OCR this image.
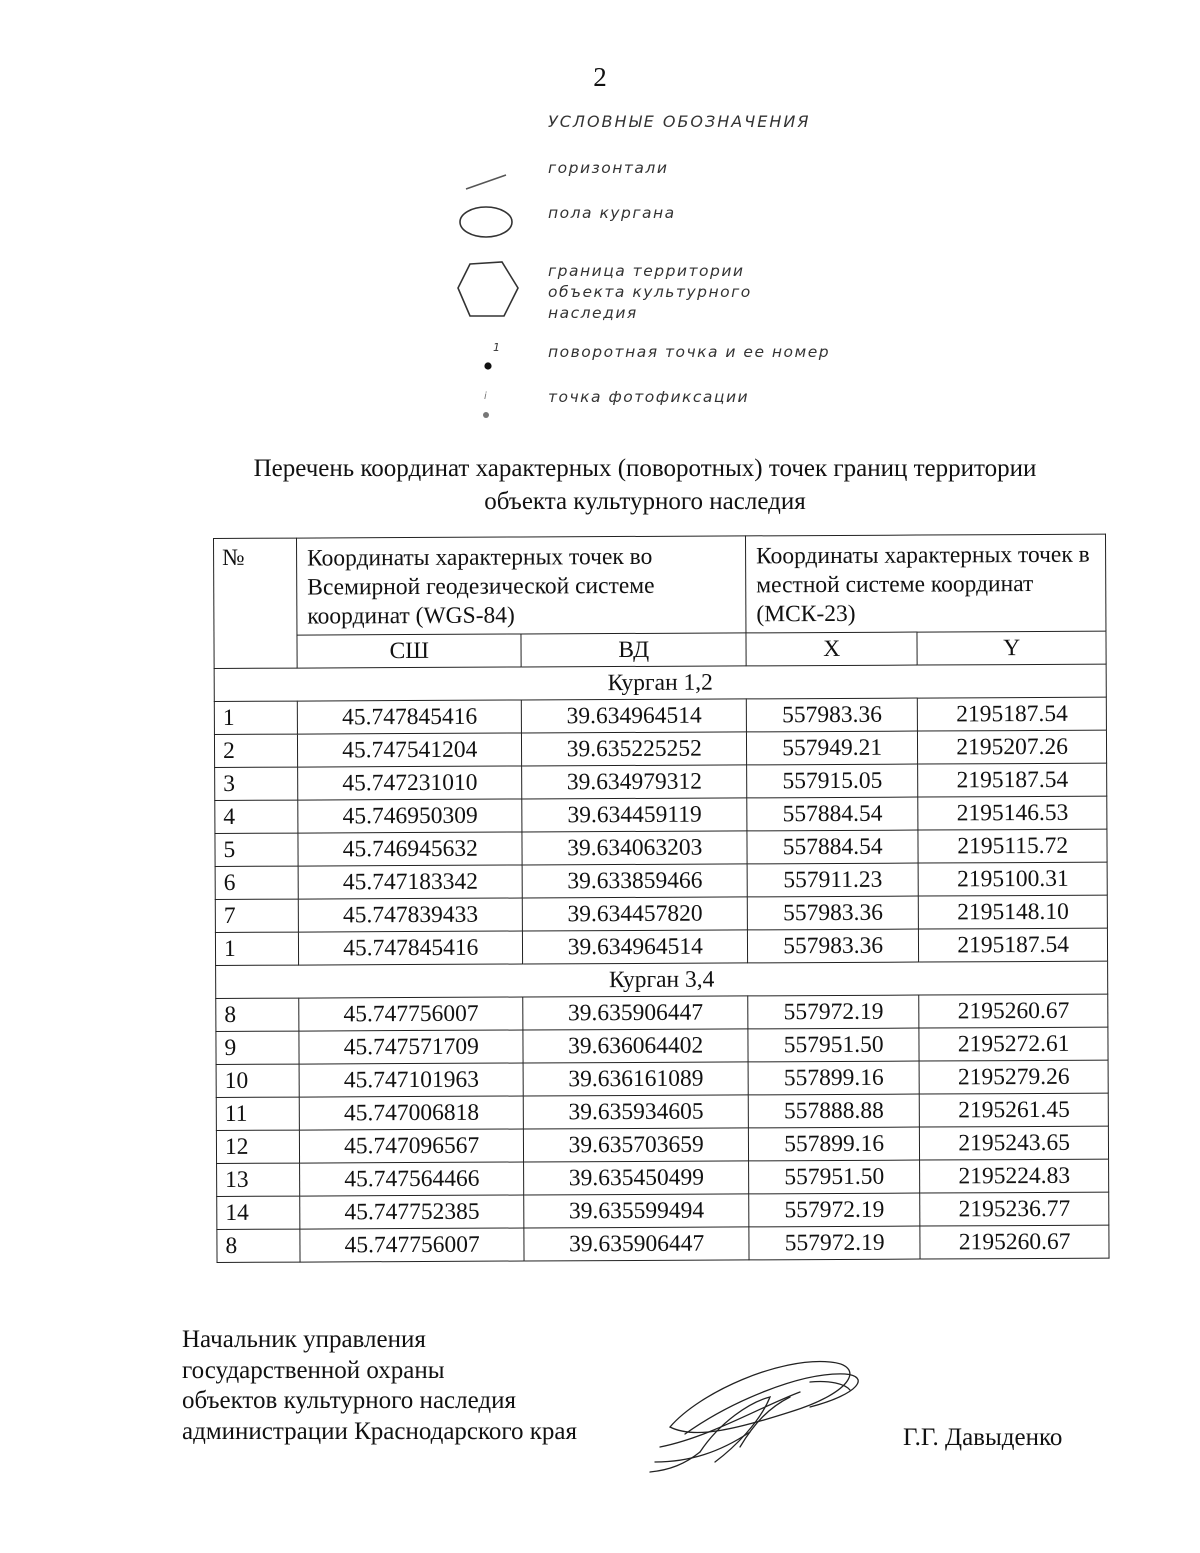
2
УСЛОВНЫЕ ОБОЗНАЧЕНИЯ
горизонтали
пола кургана
граница территории
объекта культурного
наследия
1	поворотная точка и ее номер
i	точка фотофиксации
Перечень координат характерных (поворотных) точек границ территории
объекта культурного наследия
№	Координаты характерных точек во Всемирной геодезической системе координат (WGS-84)		Координаты характерных точек в местной системе координат (МСК-23)	
	СШ	ВД	X	Y
Курган 1,2				
1	45.747845416	39.634964514	557983.36	2195187.54
2	45.747541204	39.635225252	557949.21	2195207.26
3	45.747231010	39.634979312	557915.05	2195187.54
4	45.746950309	39.634459119	557884.54	2195146.53
5	45.746945632	39.634063203	557884.54	2195115.72
6	45.747183342	39.633859466	557911.23	2195100.31
7	45.747839433	39.634457820	557983.36	2195148.10
1	45.747845416	39.634964514	557983.36	2195187.54
Курган 3,4				
8	45.747756007	39.635906447	557972.19	2195260.67
9	45.747571709	39.636064402	557951.50	2195272.61
10	45.747101963	39.636161089	557899.16	2195279.26
11	45.747006818	39.635934605	557888.88	2195261.45
12	45.747096567	39.635703659	557899.16	2195243.65
13	45.747564466	39.635450499	557951.50	2195224.83
14	45.747752385	39.635599494	557972.19	2195236.77
8	45.747756007	39.635906447	557972.19	2195260.67
Начальник управления
государственной охраны
объектов культурного наследия
администрации Краснодарского края	Г.Г. Давыденко
